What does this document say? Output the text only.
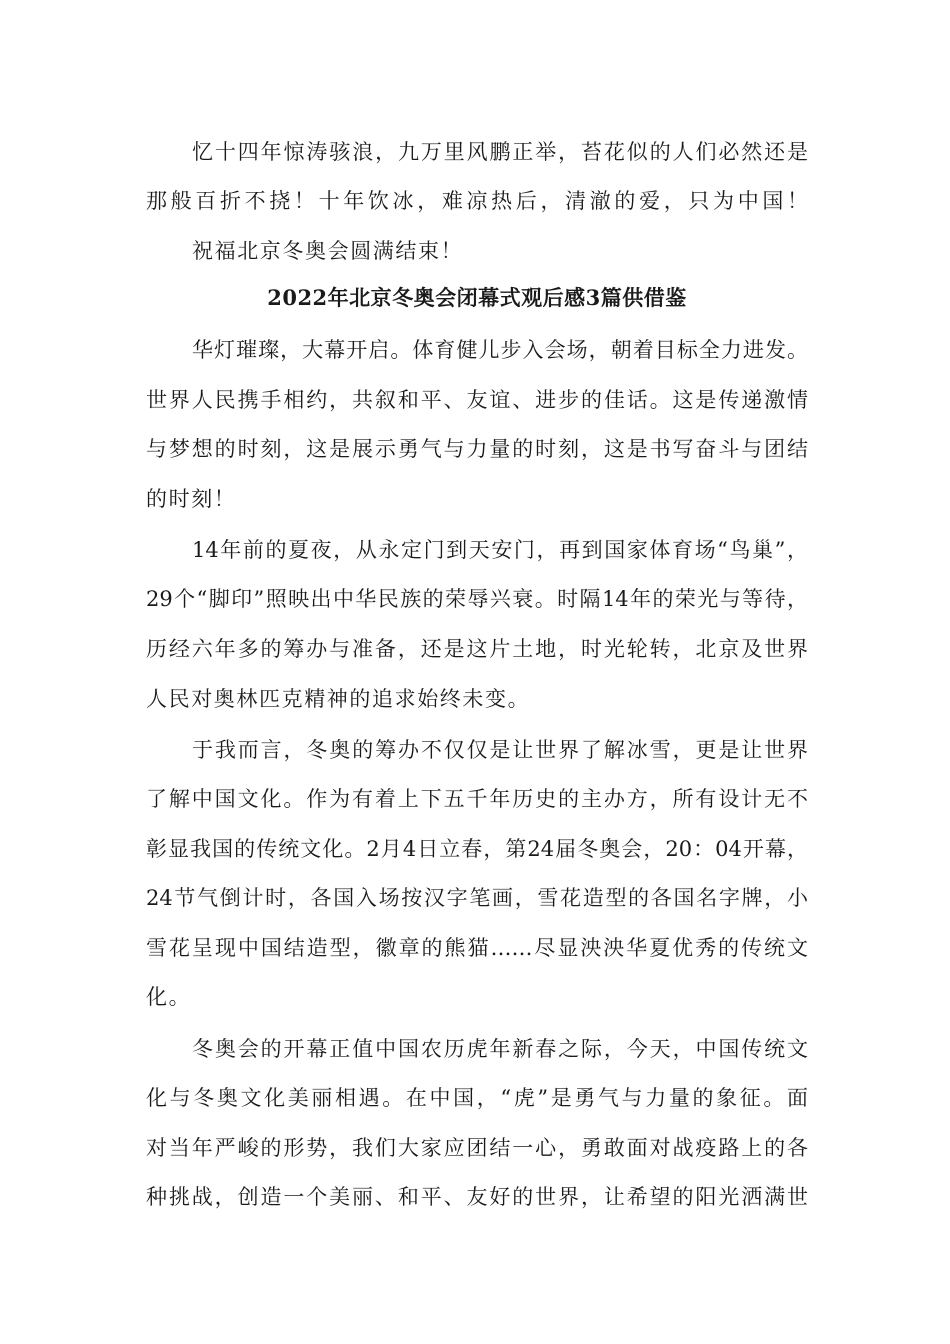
忆十四年惊涛骇浪，九万里风鹏正举，苔花似的人们必然还是
那般百折不挠！十年饮冰，难凉热后，清澈的爱，只为中国！
祝福北京冬奥会圆满结束！
2022年北京冬奥会闭幕式观后感3篇供借鉴
华灯璀璨，大幕开启。体育健儿步入会场，朝着目标全力进发。
世界人民携手相约，共叙和平、友谊、进步的佳话。这是传递激情
与梦想的时刻，这是展示勇气与力量的时刻，这是书写奋斗与团结
的时刻！
14年前的夏夜，从永定门到天安门，再到国家体育场“鸟巢”，
29个“脚印”照映出中华民族的荣辱兴衰。时隔14年的荣光与等待，
历经六年多的筹办与准备，还是这片土地，时光轮转，北京及世界
人民对奥林匹克精神的追求始终未变。
于我而言，冬奥的筹办不仅仅是让世界了解冰雪，更是让世界
了解中国文化。作为有着上下五千年历史的主办方，所有设计无不
彰显我国的传统文化。2月4日立春，第24届冬奥会，20：04开幕，
24节气倒计时，各国入场按汉字笔画，雪花造型的各国名字牌，小
雪花呈现中国结造型，徽章的熊猫……尽显泱泱华夏优秀的传统文
化。
冬奥会的开幕正值中国农历虎年新春之际，今天，中国传统文
化与冬奥文化美丽相遇。在中国，“虎”是勇气与力量的象征。面
对当年严峻的形势，我们大家应团结一心，勇敢面对战疫路上的各
种挑战，创造一个美丽、和平、友好的世界，让希望的阳光洒满世
